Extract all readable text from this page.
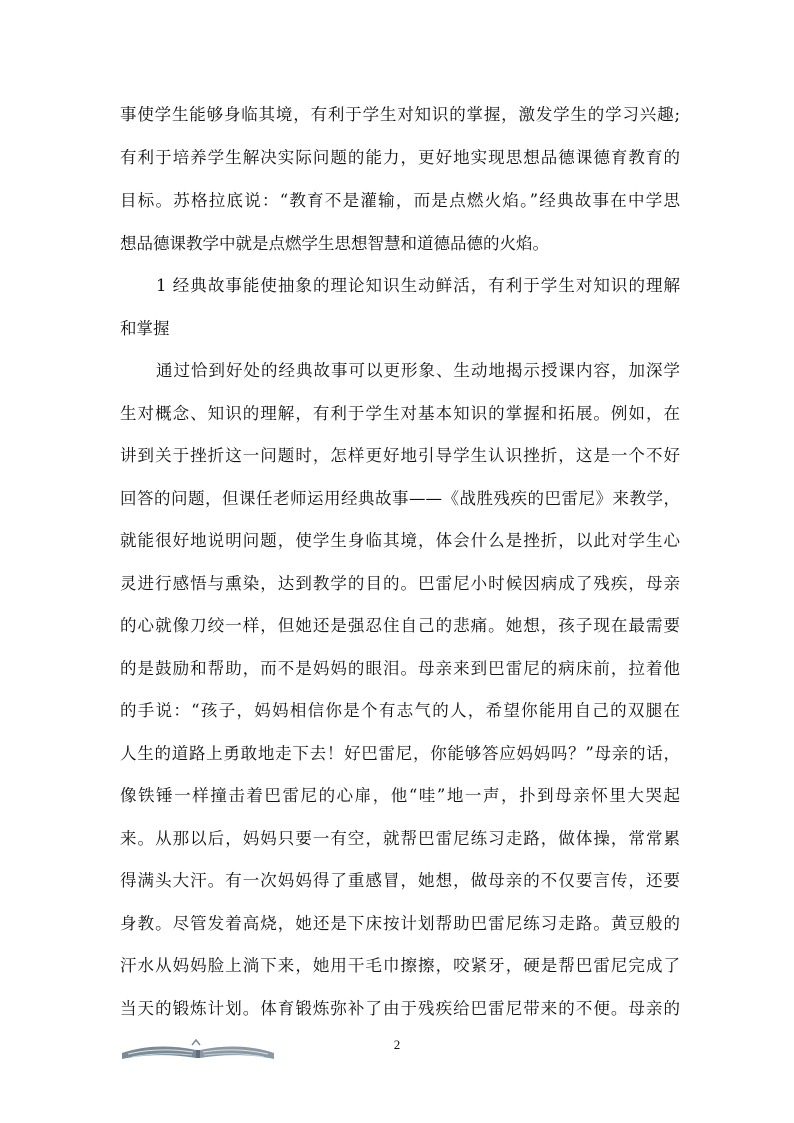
事使学生能够身临其境，有利于学生对知识的掌握，激发学生的学习兴趣;
有利于培养学生解决实际问题的能力，更好地实现思想品德课德育教育的
目标。苏格拉底说：“教育不是灌输，而是点燃火焰。”经典故事在中学思
想品德课教学中就是点燃学生思想智慧和道德品德的火焰。
1 经典故事能使抽象的理论知识生动鲜活，有利于学生对知识的理解
和掌握
通过恰到好处的经典故事可以更形象、生动地揭示授课内容，加深学
生对概念、知识的理解，有利于学生对基本知识的掌握和拓展。例如，在
讲到关于挫折这一问题时，怎样更好地引导学生认识挫折，这是一个不好
回答的问题，但课任老师运用经典故事——《战胜残疾的巴雷尼》来教学，
就能很好地说明问题，使学生身临其境，体会什么是挫折，以此对学生心
灵进行感悟与熏染，达到教学的目的。巴雷尼小时候因病成了残疾，母亲
的心就像刀绞一样，但她还是强忍住自己的悲痛。她想，孩子现在最需要
的是鼓励和帮助，而不是妈妈的眼泪。母亲来到巴雷尼的病床前，拉着他
的手说：“孩子，妈妈相信你是个有志气的人，希望你能用自己的双腿在
人生的道路上勇敢地走下去！好巴雷尼，你能够答应妈妈吗？”母亲的话，
像铁锤一样撞击着巴雷尼的心扉，他“哇”地一声，扑到母亲怀里大哭起
来。从那以后，妈妈只要一有空，就帮巴雷尼练习走路，做体操，常常累
得满头大汗。有一次妈妈得了重感冒，她想，做母亲的不仅要言传，还要
身教。尽管发着高烧，她还是下床按计划帮助巴雷尼练习走路。黄豆般的
汗水从妈妈脸上淌下来，她用干毛巾擦擦，咬紧牙，硬是帮巴雷尼完成了
当天的锻炼计划。体育锻炼弥补了由于残疾给巴雷尼带来的不便。母亲的
2
